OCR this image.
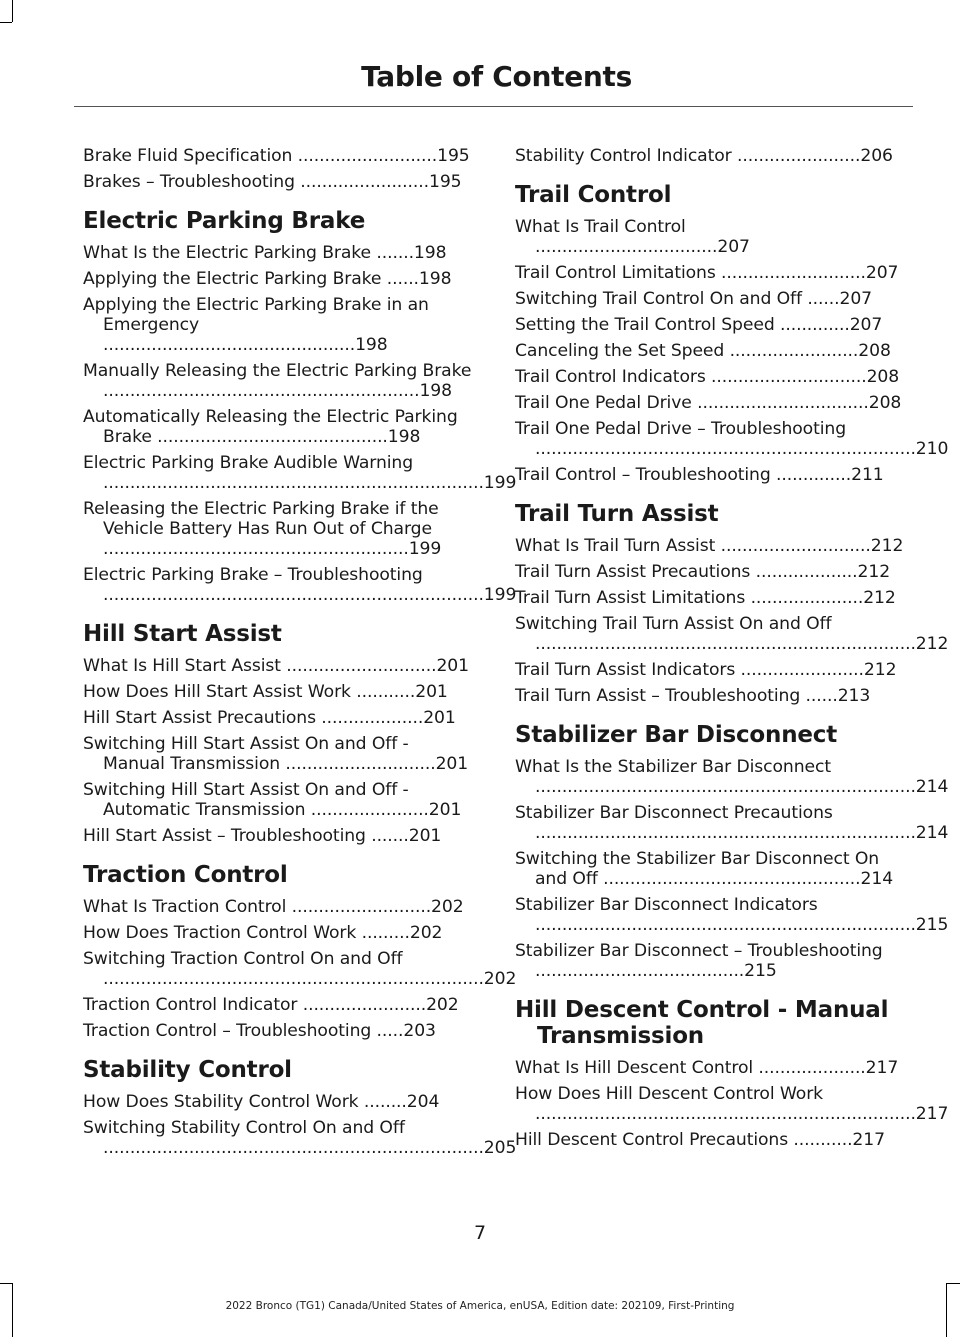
Table of Contents
Brake Fluid Specification ..........................195
Brakes – Troubleshooting ........................195
Electric Parking Brake
What Is the Electric Parking Brake .......198
Applying the Electric Parking Brake ......198
Applying the Electric Parking Brake in an Emergency ...............................................198
Manually Releasing the Electric Parking Brake ...........................................................198
Automatically Releasing the Electric Parking Brake ...........................................198
Electric Parking Brake Audible Warning .......................................................................199
Releasing the Electric Parking Brake if the Vehicle Battery Has Run Out of Charge .........................................................199
Electric Parking Brake – Troubleshooting .......................................................................199
Hill Start Assist
What Is Hill Start Assist ............................201
How Does Hill Start Assist Work ...........201
Hill Start Assist Precautions ...................201
Switching Hill Start Assist On and Off - Manual Transmission ............................201
Switching Hill Start Assist On and Off - Automatic Transmission ......................201
Hill Start Assist – Troubleshooting .......201
Traction Control
What Is Traction Control ..........................202
How Does Traction Control Work .........202
Switching Traction Control On and Off .......................................................................202
Traction Control Indicator .......................202
Traction Control – Troubleshooting .....203
Stability Control
How Does Stability Control Work ........204
Switching Stability Control On and Off .......................................................................205
Stability Control Indicator .......................206
Trail Control
What Is Trail Control ..................................207
Trail Control Limitations ...........................207
Switching Trail Control On and Off ......207
Setting the Trail Control Speed .............207
Canceling the Set Speed ........................208
Trail Control Indicators .............................208
Trail One Pedal Drive ................................208
Trail One Pedal Drive – Troubleshooting .......................................................................210
Trail Control – Troubleshooting ..............211
Trail Turn Assist
What Is Trail Turn Assist ............................212
Trail Turn Assist Precautions ...................212
Trail Turn Assist Limitations .....................212
Switching Trail Turn Assist On and Off .......................................................................212
Trail Turn Assist Indicators .......................212
Trail Turn Assist – Troubleshooting ......213
Stabilizer Bar Disconnect
What Is the Stabilizer Bar Disconnect .......................................................................214
Stabilizer Bar Disconnect Precautions .......................................................................214
Switching the Stabilizer Bar Disconnect On and Off ................................................214
Stabilizer Bar Disconnect Indicators .......................................................................215
Stabilizer Bar Disconnect – Troubleshooting .......................................215
Hill Descent Control - Manual Transmission
What Is Hill Descent Control ....................217
How Does Hill Descent Control Work .......................................................................217
Hill Descent Control Precautions ...........217
7
2022 Bronco (TG1) Canada/United States of America, enUSA, Edition date: 202109, First-Printing
